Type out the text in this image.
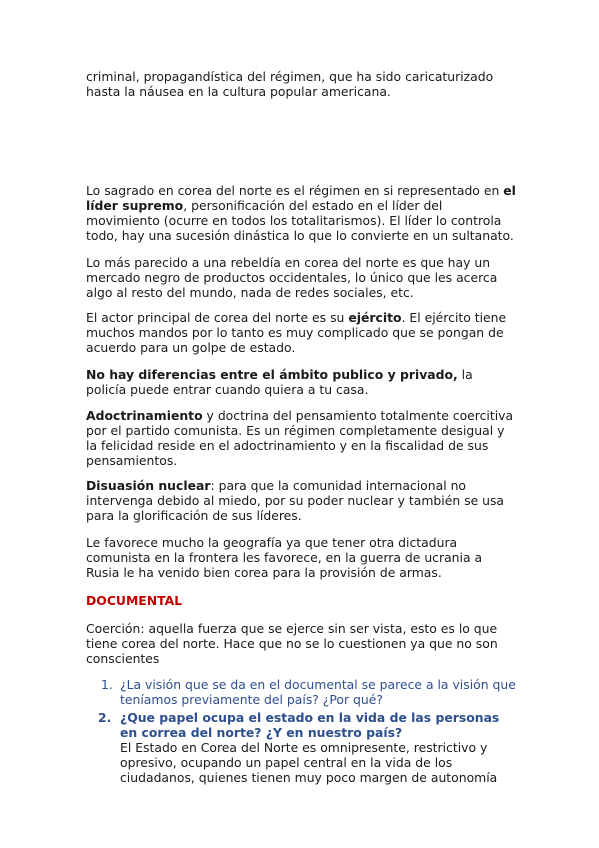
criminal, propagandística del régimen, que ha sido caricaturizado hasta la náusea en la cultura popular americana.

Lo sagrado en corea del norte es el régimen en si representado en el líder supremo, personificación del estado en el líder del movimiento (ocurre en todos los totalitarismos). El líder lo controla todo, hay una sucesión dinástica lo que lo convierte en un sultanato.

Lo más parecido a una rebeldía en corea del norte es que hay un mercado negro de productos occidentales, lo único que les acerca algo al resto del mundo, nada de redes sociales, etc.

El actor principal de corea del norte es su ejército. El ejército tiene muchos mandos por lo tanto es muy complicado que se pongan de acuerdo para un golpe de estado.

No hay diferencias entre el ámbito publico y privado, la policía puede entrar cuando quiera a tu casa.

Adoctrinamiento y doctrina del pensamiento totalmente coercitiva por el partido comunista. Es un régimen completamente desigual y la felicidad reside en el adoctrinamiento y en la fiscalidad de sus pensamientos.

Disuasión nuclear: para que la comunidad internacional no intervenga debido al miedo, por su poder nuclear y también se usa para la glorificación de sus líderes.

Le favorece mucho la geografía ya que tener otra dictadura comunista en la frontera les favorece, en la guerra de ucrania a Rusia le ha venido bien corea para la provisión de armas.

DOCUMENTAL

Coerción: aquella fuerza que se ejerce sin ser vista, esto es lo que tiene corea del norte. Hace que no se lo cuestionen ya que no son conscientes

1. ¿La visión que se da en el documental se parece a la visión que teníamos previamente del país? ¿Por qué?
2. ¿Que papel ocupa el estado en la vida de las personas en correa del norte? ¿Y en nuestro país?
El Estado en Corea del Norte es omnipresente, restrictivo y opresivo, ocupando un papel central en la vida de los ciudadanos, quienes tienen muy poco margen de autonomía
